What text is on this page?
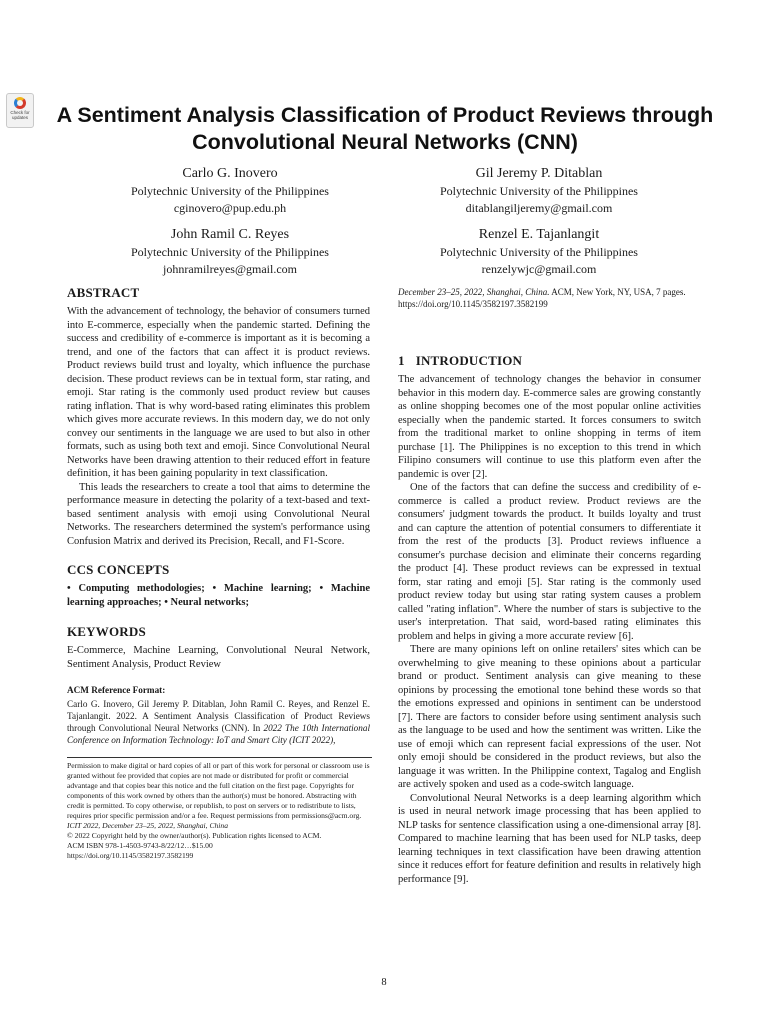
Check for updates	A Sentiment Analysis Classification of Product Reviews through Convolutional Neural Networks (CNN)
Carlo G. Inovero
Polytechnic University of the Philippines
cginovero@pup.edu.ph
Gil Jeremy P. Ditablan
Polytechnic University of the Philippines
ditablangiljeremy@gmail.com
John Ramil C. Reyes
Polytechnic University of the Philippines
johnramilreyes@gmail.com
Renzel E. Tajanlangit
Polytechnic University of the Philippines
renzelywjc@gmail.com
ABSTRACT

With the advancement of technology, the behavior of consumers turned into E-commerce, especially when the pandemic started. Defining the success and credibility of e-commerce is important as it is becoming a trend, and one of the factors that can affect it is product reviews. Product reviews build trust and loyalty, which influence the purchase decision. These product reviews can be in textual form, star rating, and emoji. Star rating is the commonly used product review but causes rating inflation. That is why word-based rating eliminates this problem which gives more accurate reviews. In this modern day, we do not only convey our sentiments in the language we are used to but also in other formats, such as using both text and emoji. Since Convolutional Neural Networks have been drawing attention to their reduced effort in feature definition, it has been gaining popularity in text classification.

This leads the researchers to create a tool that aims to determine the performance measure in detecting the polarity of a text-based and text-based sentiment analysis with emoji using Convolutional Neural Networks. The researchers determined the system's performance using Confusion Matrix and derived its Precision, Recall, and F1-Score.

CCS CONCEPTS

• Computing methodologies; • Machine learning; • Machine learning approaches; • Neural networks;

KEYWORDS

E-Commerce, Machine Learning, Convolutional Neural Network, Sentiment Analysis, Product Review

ACM Reference Format:

Carlo G. Inovero, Gil Jeremy P. Ditablan, John Ramil C. Reyes, and Renzel E. Tajanlangit. 2022. A Sentiment Analysis Classification of Product Reviews through Convolutional Neural Networks (CNN). In 2022 The 10th International Conference on Information Technology: IoT and Smart City (ICIT 2022),

Permission to make digital or hard copies of all or part of this work for personal or classroom use is granted without fee provided that copies are not made or distributed for profit or commercial advantage and that copies bear this notice and the full citation on the first page. Copyrights for components of this work owned by others than the author(s) must be honored. Abstracting with credit is permitted. To copy otherwise, or republish, to post on servers or to redistribute to lists, requires prior specific permission and/or a fee. Request permissions from permissions@acm.org.

ICIT 2022, December 23–25, 2022, Shanghai, China
© 2022 Copyright held by the owner/author(s). Publication rights licensed to ACM.
ACM ISBN 978-1-4503-9743-8/22/12…$15.00
https://doi.org/10.1145/3582197.3582199
December 23–25, 2022, Shanghai, China. ACM, New York, NY, USA, 7 pages.
https://doi.org/10.1145/3582197.3582199
1 INTRODUCTION

The advancement of technology changes the behavior in consumer behavior in this modern day. E-commerce sales are growing constantly as online shopping becomes one of the most popular online activities especially when the pandemic started. It forces consumers to switch from the traditional market to online shopping in terms of item purchase [1]. The Philippines is no exception to this trend in which Filipino consumers will continue to use this platform even after the pandemic is over [2].

One of the factors that can define the success and credibility of e-commerce is called a product review. Product reviews are the consumers' judgment towards the product. It builds loyalty and trust and can capture the attention of potential consumers to differentiate it from the rest of the products [3]. Product reviews influence a consumer's purchase decision and eliminate their concerns regarding the product [4]. These product reviews can be expressed in textual form, star rating and emoji [5]. Star rating is the commonly used product review today but using star rating system causes a problem called "rating inflation". Where the number of stars is subjective to the user's interpretation. That said, word-based rating eliminates this problem and helps in giving a more accurate review [6].

There are many opinions left on online retailers' sites which can be overwhelming to give meaning to these opinions about a particular brand or product. Sentiment analysis can give meaning to these opinions by processing the emotional tone behind these words so that the emotions expressed and opinions in sentiment can be understood [7]. There are factors to consider before using sentiment analysis such as the language to be used and how the sentiment was written. Like the use of emoji which can represent facial expressions of the user. Not only emoji should be considered in the product reviews, but also the language it was written. In the Philippine context, Tagalog and English are actively spoken and used as a code-switch language.

Convolutional Neural Networks is a deep learning algorithm which is used in neural network image processing that has been applied to NLP tasks for sentence classification using a one-dimensional array [8]. Compared to machine learning that has been used for NLP tasks, deep learning techniques in text classification have been drawing attention since it reduces effort for feature definition and results in relatively high performance [9].

8
